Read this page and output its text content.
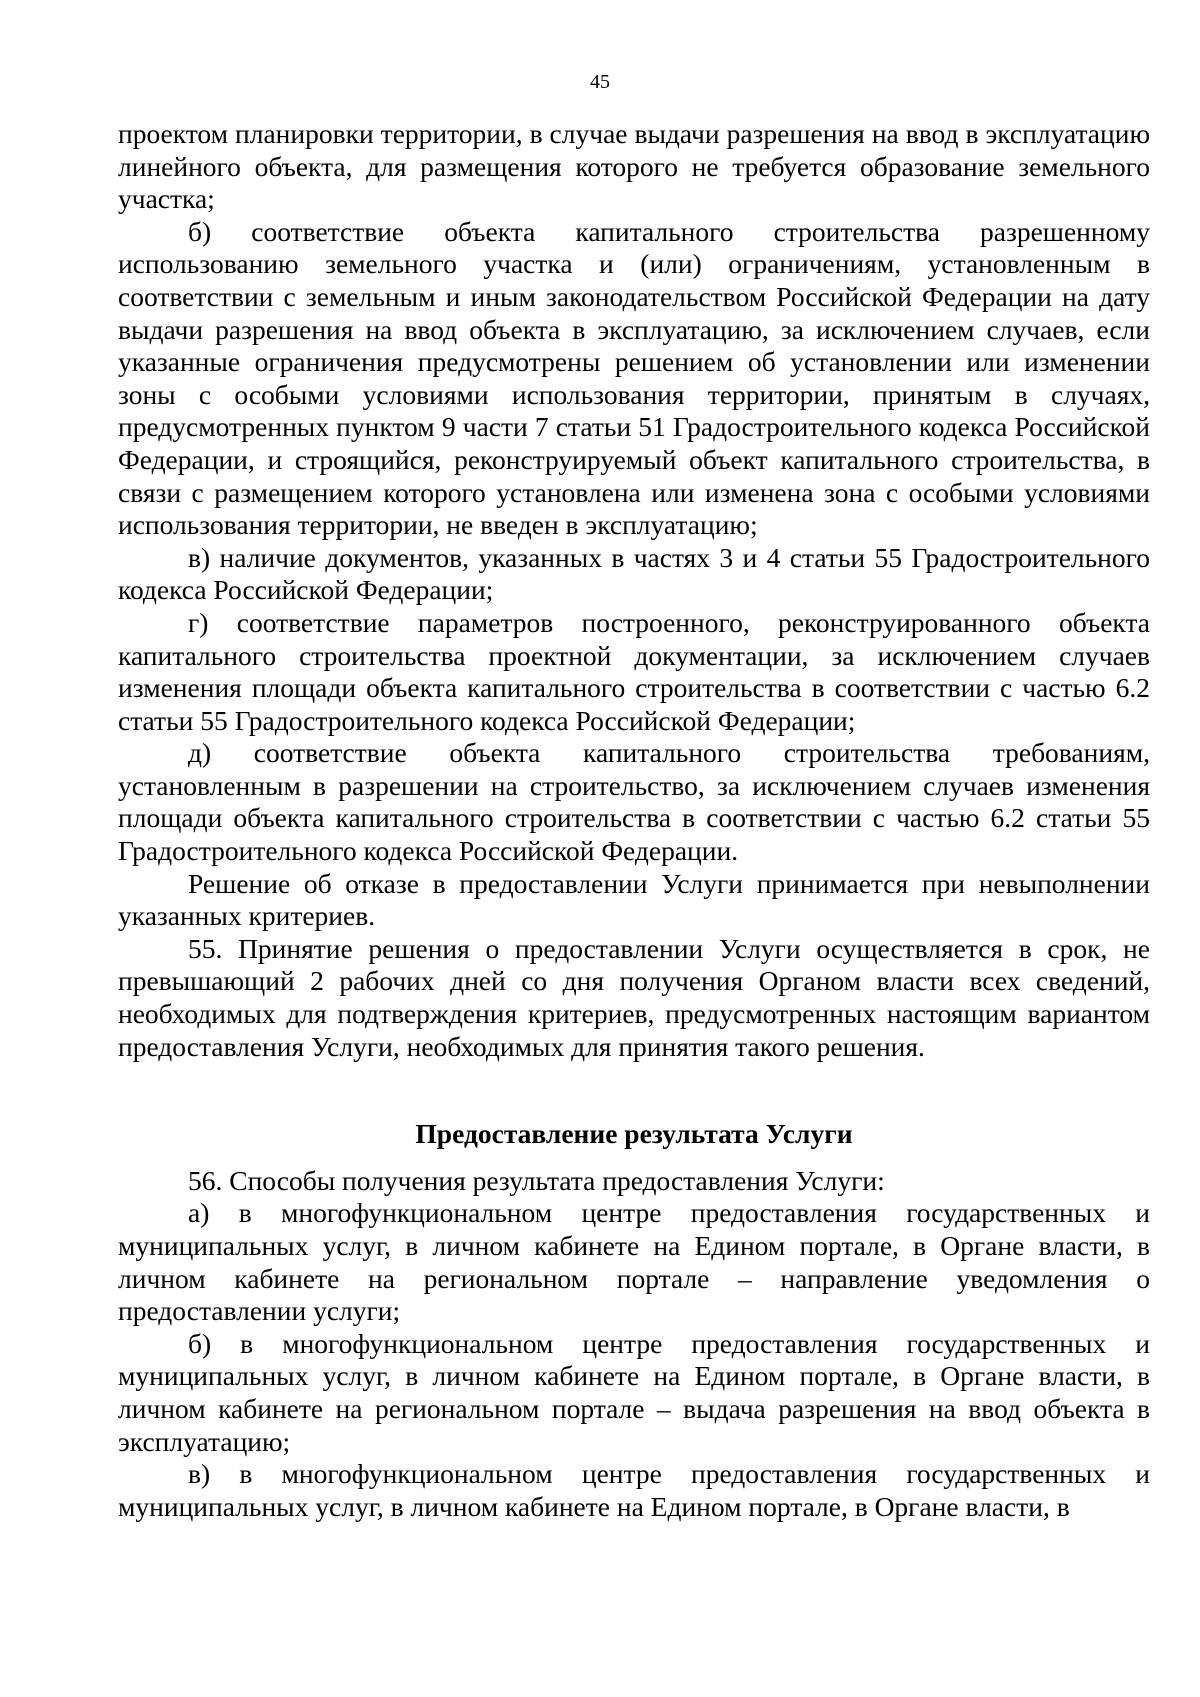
45

проектом планировки территории, в случае выдачи разрешения на ввод в эксплуатацию линейного объекта, для размещения которого не требуется образование земельного участка;

б) соответствие объекта капитального строительства разрешенному использованию земельного участка и (или) ограничениям, установленным в соответствии с земельным и иным законодательством Российской Федерации на дату выдачи разрешения на ввод объекта в эксплуатацию, за исключением случаев, если указанные ограничения предусмотрены решением об установлении или изменении зоны с особыми условиями использования территории, принятым в случаях, предусмотренных пунктом 9 части 7 статьи 51 Градостроительного кодекса Российской Федерации, и строящийся, реконструируемый объект капитального строительства, в связи с размещением которого установлена или изменена зона с особыми условиями использования территории, не введен в эксплуатацию;

в) наличие документов, указанных в частях 3 и 4 статьи 55 Градостроительного кодекса Российской Федерации;

г) соответствие параметров построенного, реконструированного объекта капитального строительства проектной документации, за исключением случаев изменения площади объекта капитального строительства в соответствии с частью 6.2 статьи 55 Градостроительного кодекса Российской Федерации;

д) соответствие объекта капитального строительства требованиям, установленным в разрешении на строительство, за исключением случаев изменения площади объекта капитального строительства в соответствии с частью 6.2 статьи 55 Градостроительного кодекса Российской Федерации.

Решение об отказе в предоставлении Услуги принимается при невыполнении указанных критериев.

55. Принятие решения о предоставлении Услуги осуществляется в срок, не превышающий 2 рабочих дней со дня получения Органом власти всех сведений, необходимых для подтверждения критериев, предусмотренных настоящим вариантом предоставления Услуги, необходимых для принятия такого решения.

Предоставление результата Услуги

56. Способы получения результата предоставления Услуги:

а) в многофункциональном центре предоставления государственных и муниципальных услуг, в личном кабинете на Едином портале, в Органе власти, в личном кабинете на региональном портале – направление уведомления о предоставлении услуги;

б) в многофункциональном центре предоставления государственных и муниципальных услуг, в личном кабинете на Едином портале, в Органе власти, в личном кабинете на региональном портале – выдача разрешения на ввод объекта в эксплуатацию;

в) в многофункциональном центре предоставления государственных и муниципальных услуг, в личном кабинете на Едином портале, в Органе власти, в
